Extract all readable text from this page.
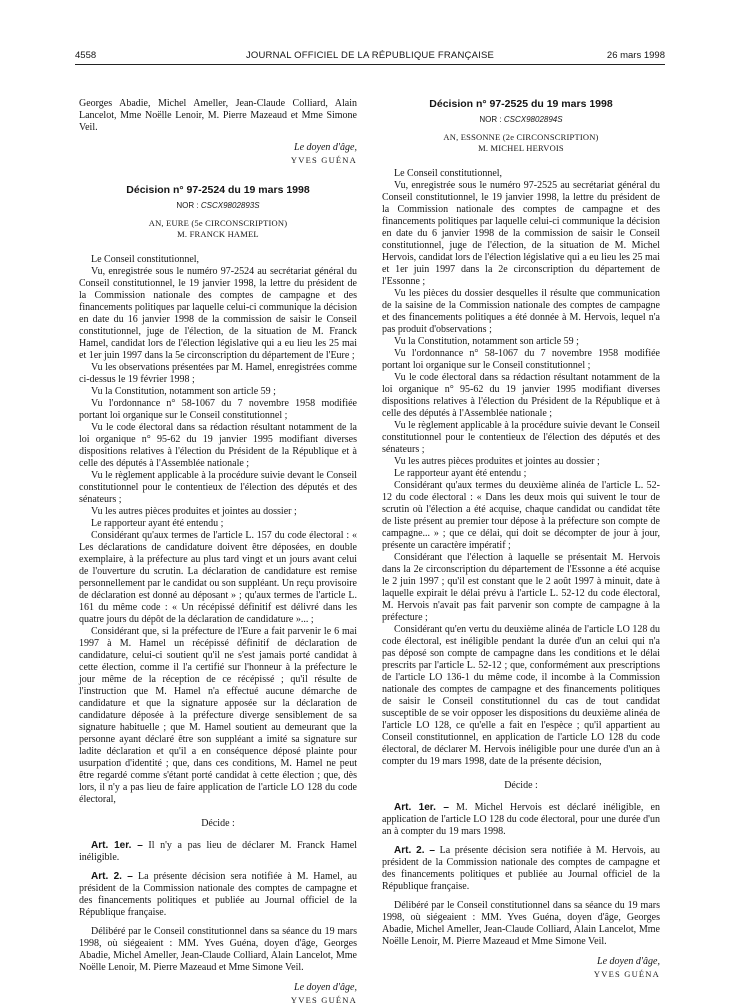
4558	JOURNAL OFFICIEL DE LA RÉPUBLIQUE FRANÇAISE	26 mars 1998

Georges Abadie, Michel Ameller, Jean-Claude Colliard, Alain Lancelot, Mme Noëlle Lenoir, M. Pierre Mazeaud et Mme Simone Veil.

Le doyen d'âge,
YVES GUÉNA
Décision n° 97-2524 du 19 mars 1998
NOR : CSCX9802893S
AN, EURE (5e CIRCONSCRIPTION)
M. FRANCK HAMEL

Le Conseil constitutionnel,

Vu, enregistrée sous le numéro 97-2524 au secrétariat général du Conseil constitutionnel, le 19 janvier 1998, la lettre du président de la Commission nationale des comptes de campagne et des financements politiques par laquelle celui-ci communique la décision en date du 16 janvier 1998 de la commission de saisir le Conseil constitutionnel, juge de l'élection, de la situation de M. Franck Hamel, candidat lors de l'élection législative qui a eu lieu les 25 mai et 1er juin 1997 dans la 5e circonscription du département de l'Eure ;

Vu les observations présentées par M. Hamel, enregistrées comme ci-dessus le 19 février 1998 ;

Vu la Constitution, notamment son article 59 ;

Vu l'ordonnance n° 58-1067 du 7 novembre 1958 modifiée portant loi organique sur le Conseil constitutionnel ;

Vu le code électoral dans sa rédaction résultant notamment de la loi organique n° 95-62 du 19 janvier 1995 modifiant diverses dispositions relatives à l'élection du Président de la République et à celle des députés à l'Assemblée nationale ;

Vu le règlement applicable à la procédure suivie devant le Conseil constitutionnel pour le contentieux de l'élection des députés et des sénateurs ;

Vu les autres pièces produites et jointes au dossier ;

Le rapporteur ayant été entendu ;

Considérant qu'aux termes de l'article L. 157 du code électoral : « Les déclarations de candidature doivent être déposées, en double exemplaire, à la préfecture au plus tard vingt et un jours avant celui de l'ouverture du scrutin. La déclaration de candidature est remise personnellement par le candidat ou son suppléant. Un reçu provisoire de déclaration est donné au déposant » ; qu'aux termes de l'article L. 161 du même code : « Un récépissé définitif est délivré dans les quatre jours du dépôt de la déclaration de candidature »... ;

Considérant que, si la préfecture de l'Eure a fait parvenir le 6 mai 1997 à M. Hamel un récépissé définitif de déclaration de candidature, celui-ci soutient qu'il ne s'est jamais porté candidat à cette élection, comme il l'a certifié sur l'honneur à la préfecture le jour même de la réception de ce récépissé ; qu'il résulte de l'instruction que M. Hamel n'a effectué aucune démarche de candidature et que la signature apposée sur la déclaration de candidature déposée à la préfecture diverge sensiblement de sa signature habituelle ; que M. Hamel soutient au demeurant que la personne ayant déclaré être son suppléant a imité sa signature sur ladite déclaration et qu'il a en conséquence déposé plainte pour usurpation d'identité ; que, dans ces conditions, M. Hamel ne peut être regardé comme s'étant porté candidat à cette élection ; que, dès lors, il n'y a pas lieu de faire application de l'article LO 128 du code électoral,

Décide :

Art. 1er. – Il n'y a pas lieu de déclarer M. Franck Hamel inéligible.

Art. 2. – La présente décision sera notifiée à M. Hamel, au président de la Commission nationale des comptes de campagne et des financements politiques et publiée au Journal officiel de la République française.

Délibéré par le Conseil constitutionnel dans sa séance du 19 mars 1998, où siégeaient : MM. Yves Guéna, doyen d'âge, Georges Abadie, Michel Ameller, Jean-Claude Colliard, Alain Lancelot, Mme Noëlle Lenoir, M. Pierre Mazeaud et Mme Simone Veil.

Le doyen d'âge,
YVES GUÉNA
Décision n° 97-2525 du 19 mars 1998
NOR : CSCX9802894S
AN, ESSONNE (2e CIRCONSCRIPTION)
M. MICHEL HERVOIS

Le Conseil constitutionnel,

Vu, enregistrée sous le numéro 97-2525 au secrétariat général du Conseil constitutionnel, le 19 janvier 1998, la lettre du président de la Commission nationale des comptes de campagne et des financements politiques par laquelle celui-ci communique la décision en date du 6 janvier 1998 de la commission de saisir le Conseil constitutionnel, juge de l'élection, de la situation de M. Michel Hervois, candidat lors de l'élection législative qui a eu lieu les 25 mai et 1er juin 1997 dans la 2e circonscription du département de l'Essonne ;

Vu les pièces du dossier desquelles il résulte que communication de la saisine de la Commission nationale des comptes de campagne et des financements politiques a été donnée à M. Hervois, lequel n'a pas produit d'observations ;

Vu la Constitution, notamment son article 59 ;

Vu l'ordonnance n° 58-1067 du 7 novembre 1958 modifiée portant loi organique sur le Conseil constitutionnel ;

Vu le code électoral dans sa rédaction résultant notamment de la loi organique n° 95-62 du 19 janvier 1995 modifiant diverses dispositions relatives à l'élection du Président de la République et à celle des députés à l'Assemblée nationale ;

Vu le règlement applicable à la procédure suivie devant le Conseil constitutionnel pour le contentieux de l'élection des députés et des sénateurs ;

Vu les autres pièces produites et jointes au dossier ;

Le rapporteur ayant été entendu ;

Considérant qu'aux termes du deuxième alinéa de l'article L. 52-12 du code électoral : « Dans les deux mois qui suivent le tour de scrutin où l'élection a été acquise, chaque candidat ou candidat tête de liste présent au premier tour dépose à la préfecture son compte de campagne... » ; que ce délai, qui doit se décompter de jour à jour, présente un caractère impératif ;

Considérant que l'élection à laquelle se présentait M. Hervois dans la 2e circonscription du département de l'Essonne a été acquise le 2 juin 1997 ; qu'il est constant que le 2 août 1997 à minuit, date à laquelle expirait le délai prévu à l'article L. 52-12 du code électoral, M. Hervois n'avait pas fait parvenir son compte de campagne à la préfecture ;

Considérant qu'en vertu du deuxième alinéa de l'article LO 128 du code électoral, est inéligible pendant la durée d'un an celui qui n'a pas déposé son compte de campagne dans les conditions et le délai prescrits par l'article L. 52-12 ; que, conformément aux prescriptions de l'article LO 136-1 du même code, il incombe à la Commission nationale des comptes de campagne et des financements politiques de saisir le Conseil constitutionnel du cas de tout candidat susceptible de se voir opposer les dispositions du deuxième alinéa de l'article LO 128, ce qu'elle a fait en l'espèce ; qu'il appartient au Conseil constitutionnel, en application de l'article LO 128 du code électoral, de déclarer M. Hervois inéligible pour une durée d'un an à compter du 19 mars 1998, date de la présente décision,

Décide :

Art. 1er. – M. Michel Hervois est déclaré inéligible, en application de l'article LO 128 du code électoral, pour une durée d'un an à compter du 19 mars 1998.

Art. 2. – La présente décision sera notifiée à M. Hervois, au président de la Commission nationale des comptes de campagne et des financements politiques et publiée au Journal officiel de la République française.

Délibéré par le Conseil constitutionnel dans sa séance du 19 mars 1998, où siégeaient : MM. Yves Guéna, doyen d'âge, Georges Abadie, Michel Ameller, Jean-Claude Colliard, Alain Lancelot, Mme Noëlle Lenoir, M. Pierre Mazeaud et Mme Simone Veil.

Le doyen d'âge,
YVES GUÉNA
